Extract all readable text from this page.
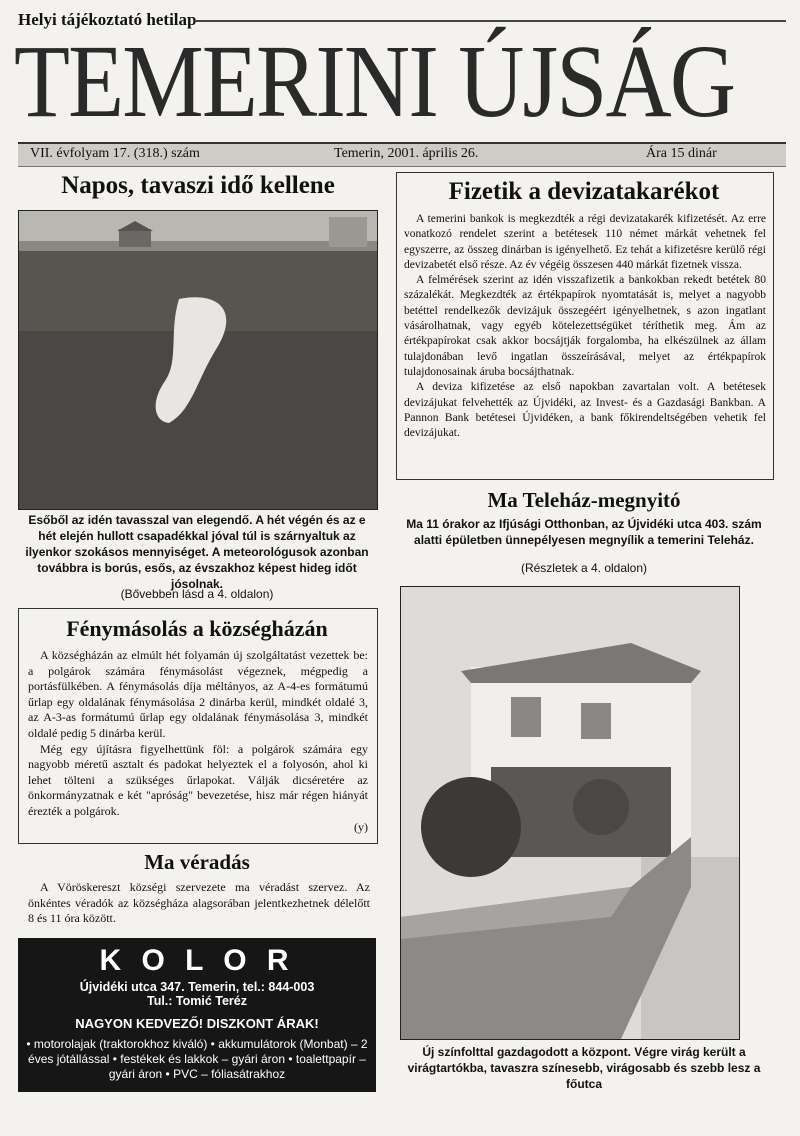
Helyi tájékoztató hetilap
TEMERINI ÚJSÁG
VII. évfolyam 17. (318.) szám	Temerin, 2001. április 26.	Ára 15 dinár
Napos, tavaszi idő kellene
Esőből az idén tavasszal van elegendő. A hét végén és az e hét elején hullott csapadékkal jóval túl is szárnyaltuk az ilyenkor szokásos mennyiséget. A meteorológusok azonban továbbra is borús, esős, az évszakhoz képest hideg időt jósolnak.
(Bővebben lásd a 4. oldalon)
Fénymásolás a községházán

A községházán az elmúlt hét folyamán új szolgáltatást vezettek be: a polgárok számára fénymásolást végeznek, mégpedig a portásfülkében. A fénymásolás díja méltányos, az A-4-es formátumú űrlap egy oldalának fénymásolása 2 dinárba kerül, mindkét oldalé 3, az A-3-as formátumú űrlap egy oldalának fénymásolása 3, mindkét oldalé pedig 5 dinárba kerül.

Még egy újításra figyelhettünk föl: a polgárok számára egy nagyobb méretű asztalt és padokat helyeztek el a folyosón, ahol ki lehet tölteni a szükséges űrlapokat. Válják dicséretére az önkormányzatnak e két "apróság" bevezetése, hisz már régen hiányát érezték a polgárok.

(y)
Ma véradás

A Vöröskereszt községi szervezete ma véradást szervez. Az önkéntes véradók az községháza alagsorában jelentkezhetnek délelőtt 8 és 11 óra között.

K O L O R
Újvidéki utca 347. Temerin, tel.: 844-003
Tul.: Tomić Teréz
NAGYON KEDVEZŐ! DISZKONT ÁRAK!
• motorolajak (traktorokhoz kiváló) • akkumulátorok (Monbat) – 2 éves jótállással • festékek és lakkok – gyári áron • toalettpapír – gyári áron • PVC – fóliasátrakhoz
Fizetik a devizatakarékot

A temerini bankok is megkezdték a régi devizatakarék kifizetését. Az erre vonatkozó rendelet szerint a betétesek 110 német márkát vehetnek fel egyszerre, az összeg dinárban is igényelhető. Ez tehát a kifizetésre kerülő régi devizabetét első része. Az év végéig összesen 440 márkát fizetnek vissza.

A felmérések szerint az idén visszafizetik a bankokban rekedt betétek 80 százalékát. Megkezdték az értékpapírok nyomtatását is, melyet a nagyobb betéttel rendelkezők devizájuk összegéért igényelhetnek, s azon ingatlant vásárolhatnak, vagy egyéb kötelezettségüket téríthetik meg. Ám az értékpapírokat csak akkor bocsájtják forgalomba, ha elkészülnek az állam tulajdonában levő ingatlan összeírásával, melyet az értékpapírok tulajdonosainak áruba bocsájthatnak.

A deviza kifizetése az első napokban zavartalan volt. A betétesek devizájukat felvehették az Újvidéki, az Invest- és a Gazdasági Bankban. A Pannon Bank betétesei Újvidéken, a bank főkirendeltségében vehetik fel devizájukat.

Ma Teleház-megnyitó
Ma 11 órakor az Ifjúsági Otthonban, az Újvidéki utca 403. szám alatti épületben ünnepélyesen megnyílik a temerini Teleház.
(Részletek a 4. oldalon)
Új színfolttal gazdagodott a központ. Végre virág került a virágtartókba, tavaszra színesebb, virágosabb és szebb lesz a főutca
